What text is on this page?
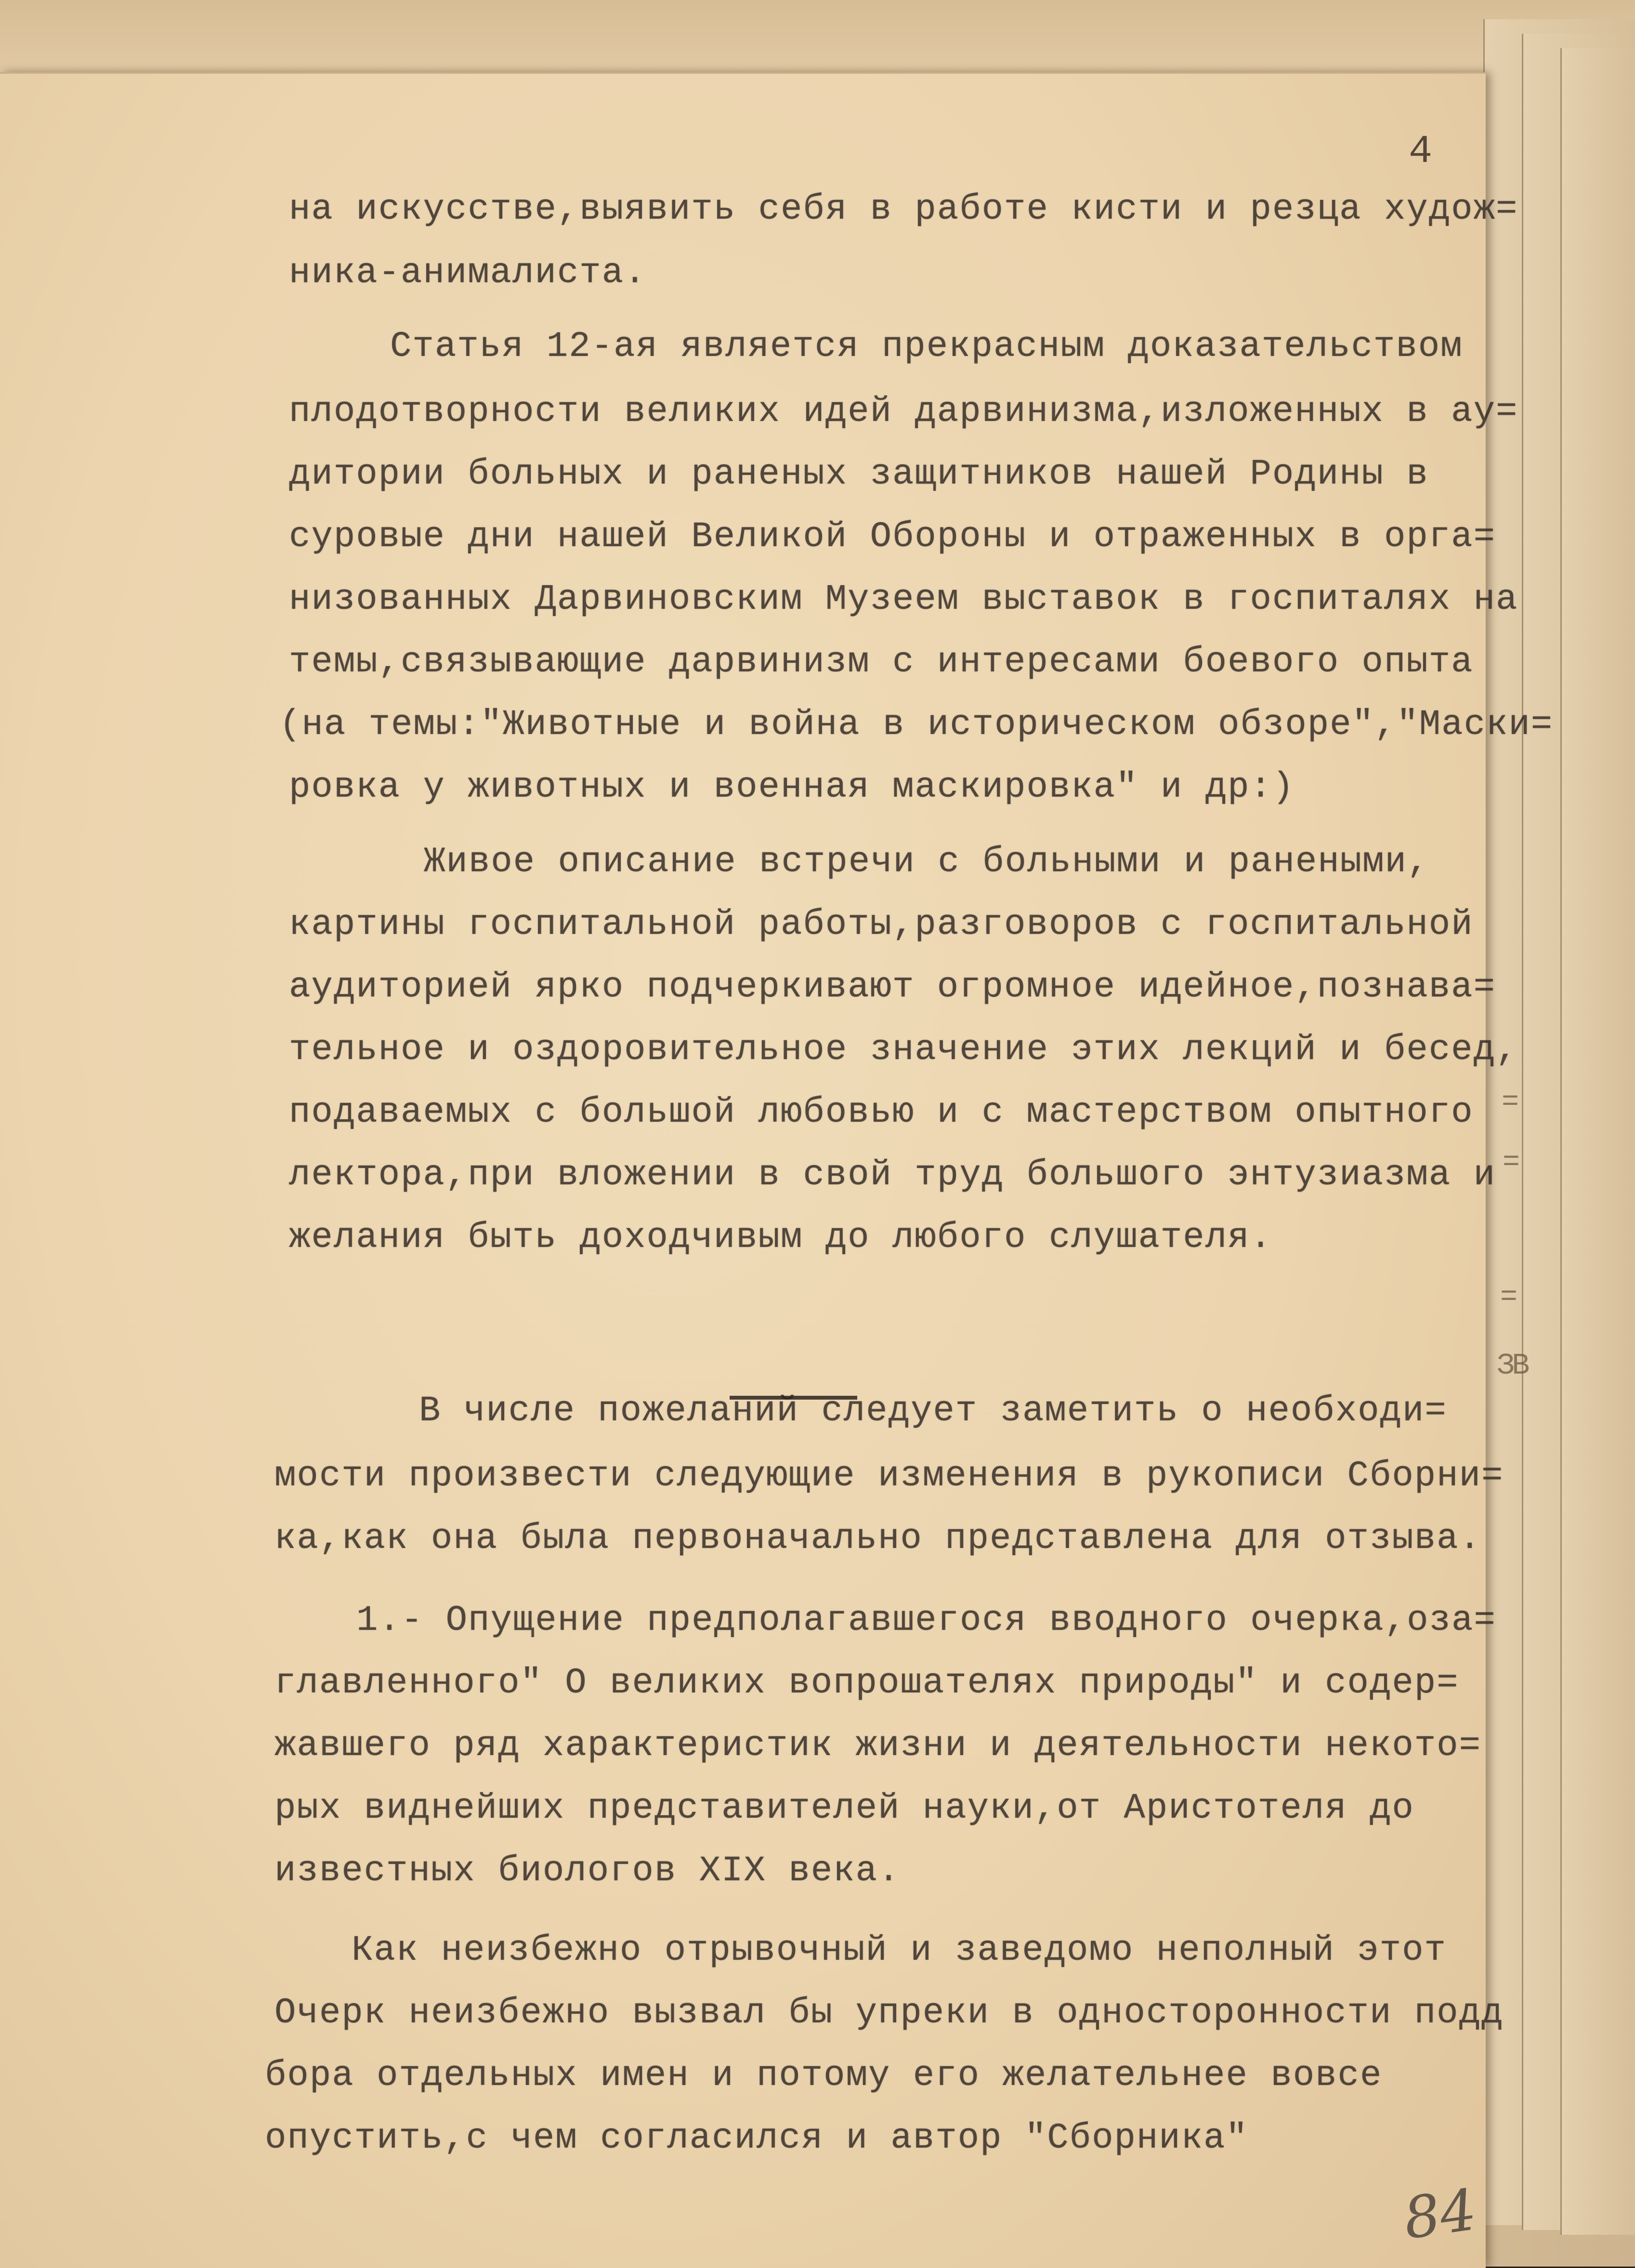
=
=
=
ЗВ
4
на искусстве,выявить себя в работе кисти и резца худож=
ника-анималиста.
Статья 12-ая является прекрасным доказательством
плодотворности великих идей дарвинизма,изложенных в ау=
дитории больных и раненых защитников нашей Родины в
суровые дни нашей Великой Обороны и отраженных в орга=
низованных Дарвиновским Музеем выставок в госпиталях на
темы,связывающие дарвинизм с интересами боевого опыта
(на темы:"Животные и война в историческом обзоре","Маски=
ровка у животных и военная маскировка" и др:)
Живое описание встречи с больными и ранеными,
картины госпитальной работы,разговоров с госпитальной
аудиторией ярко подчеркивают огромное идейное,познава=
тельное и оздоровительное значение этих лекций и бесед,
подаваемых с большой любовью и с мастерством опытного
лектора,при вложении в свой труд большого энтузиазма и
желания быть доходчивым до любого слушателя.
В числе пожеланий следует заметить о необходи=
мости произвести следующие изменения в рукописи Сборни=
ка,как она была первоначально представлена для отзыва.
1.- Опущение предполагавшегося вводного очерка,оза=
главленного" О великих вопрошателях природы" и содер=
жавшего ряд характеристик жизни и деятельности некото=
рых виднейших представителей науки,от Аристотеля до
известных биологов XIX века.
Как неизбежно отрывочный и заведомо неполный этот
Очерк неизбежно вызвал бы упреки в односторонности подд
бора отдельных имен и потому его желательнее вовсе
опустить,с чем согласился и автор "Сборника"
84
